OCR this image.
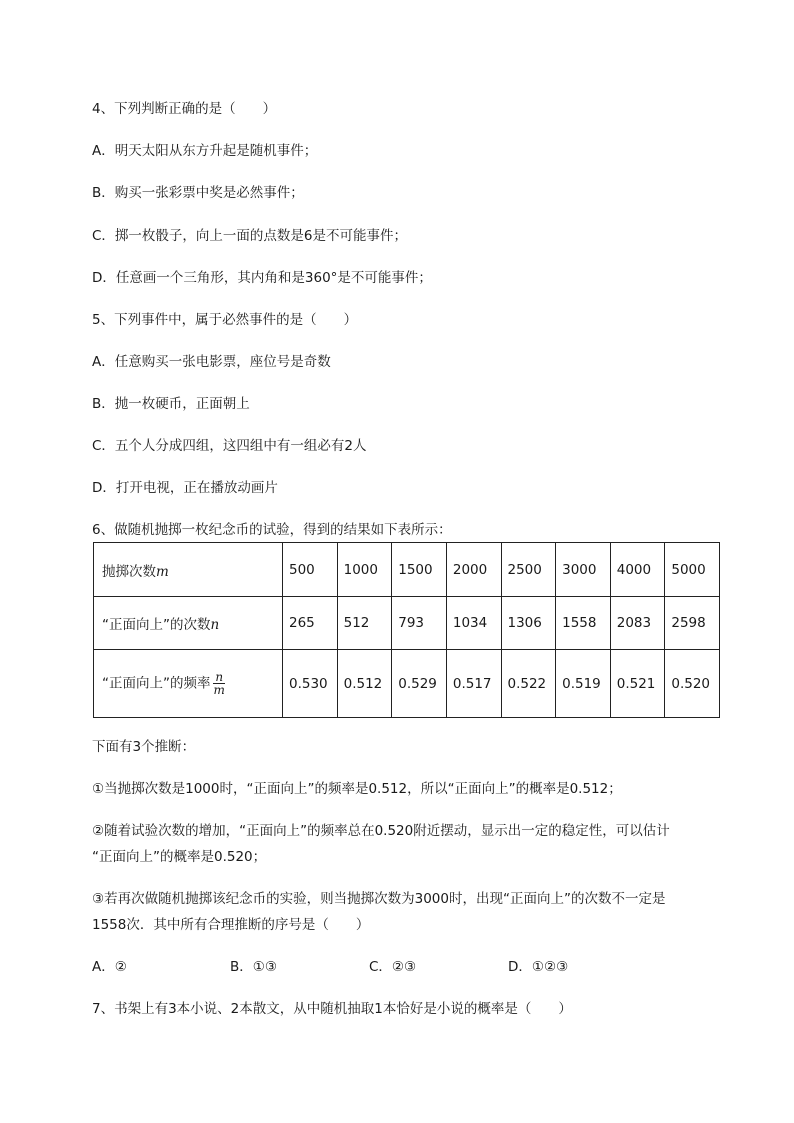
4、下列判断正确的是（　　）
A．明天太阳从东方升起是随机事件；
B．购买一张彩票中奖是必然事件；
C．掷一枚骰子，向上一面的点数是6是不可能事件；
D．任意画一个三角形，其内角和是360°是不可能事件；
5、下列事件中，属于必然事件的是（　　）
A．任意购买一张电影票，座位号是奇数
B．抛一枚硬币，正面朝上
C．五个人分成四组，这四组中有一组必有2人
D．打开电视，正在播放动画片
6、做随机抛掷一枚纪念币的试验，得到的结果如下表所示：
抛掷次数m	500	1000	1500	2000	2500	3000	4000	5000
“正面向上”的次数n	265	512	793	1034	1306	1558	2083	2598
“正面向上”的频率 $\frac{n}{m}$	0.530	0.512	0.529	0.517	0.522	0.519	0.521	0.520
下面有3个推断：
①当抛掷次数是1000时，“正面向上”的频率是0.512，所以“正面向上”的概率是0.512；
②随着试验次数的增加，“正面向上”的频率总在0.520附近摆动，显示出一定的稳定性，可以估计
“正面向上”的概率是0.520；
③若再次做随机抛掷该纪念币的实验，则当抛掷次数为3000时，出现“正面向上”的次数不一定是
1558次．其中所有合理推断的序号是（　　）
A．②	B．①③	C．②③	D．①②③
7、书架上有3本小说、2本散文，从中随机抽取1本恰好是小说的概率是（　　）
